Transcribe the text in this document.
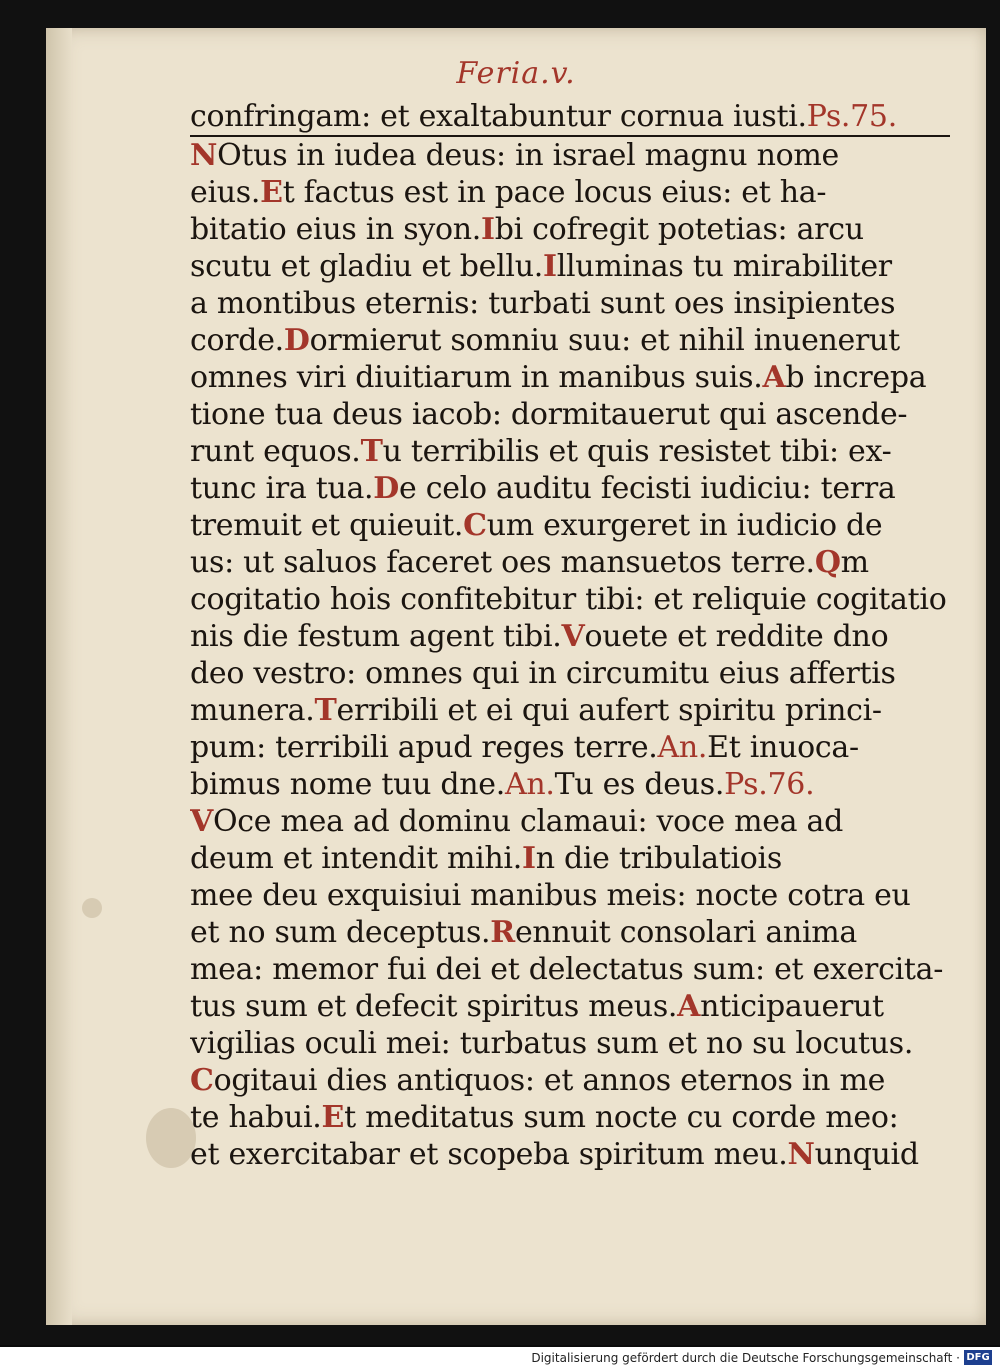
Feria.v.
confringam: et exaltabuntur cornua iusti.Ps.75.
NOtus in iudea deus: in israel magnu nome
eius.Et factus est in pace locus eius: et ha-
bitatio eius in syon.Ibi cofregit potetias: arcu
scutu et gladiu et bellu.Illuminas tu mirabiliter
a montibus eternis: turbati sunt oes insipientes
corde.Dormierut somniu suu: et nihil inuenerut
omnes viri diuitiarum in manibus suis.Ab increpa
tione tua deus iacob: dormitauerut qui ascende-
runt equos.Tu terribilis et quis resistet tibi: ex-
tunc ira tua.De celo auditu fecisti iudiciu: terra
tremuit et quieuit.Cum exurgeret in iudicio de
us: ut saluos faceret oes mansuetos terre.Qm
cogitatio hois confitebitur tibi: et reliquie cogitatio
nis die festum agent tibi.Vouete et reddite dno
deo vestro: omnes qui in circumitu eius affertis
munera.Terribili et ei qui aufert spiritu princi-
pum: terribili apud reges terre.An.Et inuoca-
bimus nome tuu dne.An.Tu es deus.Ps.76.
VOce mea ad dominu clamaui: voce mea ad
deum et intendit mihi.In die tribulatiois
mee deu exquisiui manibus meis: nocte cotra eu
et no sum deceptus.Rennuit consolari anima
mea: memor fui dei et delectatus sum: et exercita-
tus sum et defecit spiritus meus.Anticipauerut
vigilias oculi mei: turbatus sum et no su locutus.
Cogitaui dies antiquos: et annos eternos in me
te habui.Et meditatus sum nocte cu corde meo:
et exercitabar et scopeba spiritum meu.Nunquid
Digitalisierung gefördert durch die Deutsche Forschungsgemeinschaft · DFG
